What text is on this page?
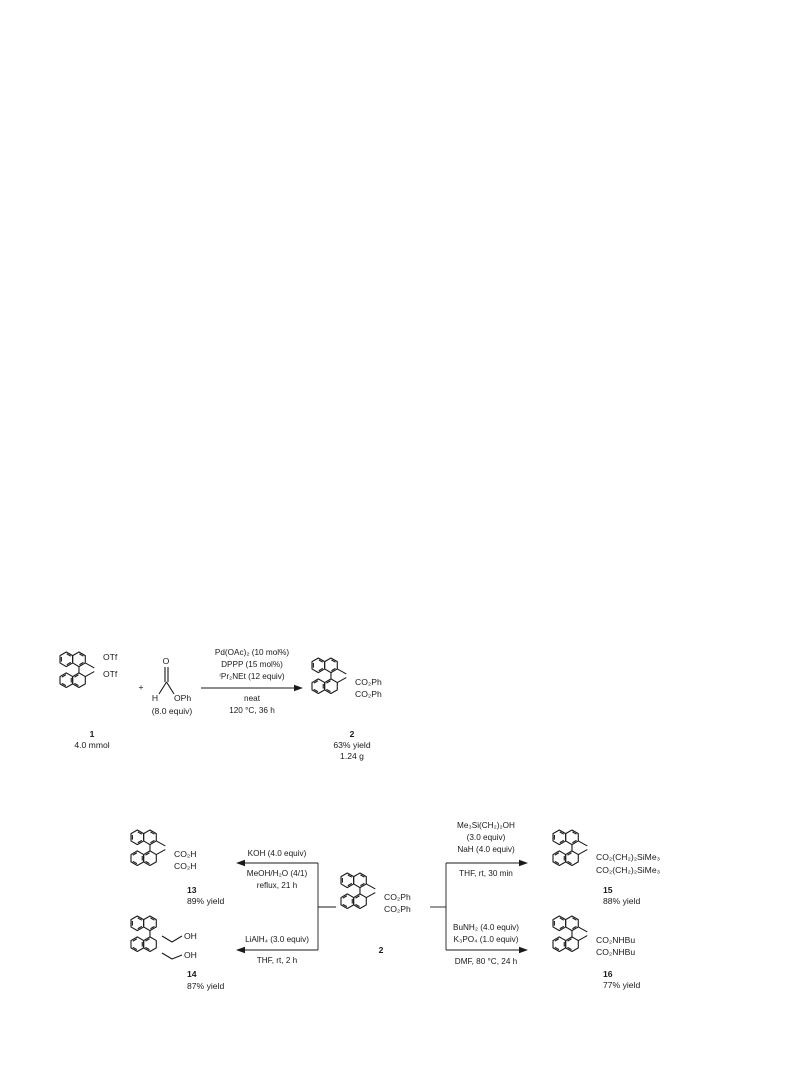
OTf
OTf
1
4.0 mmol
+
O
H OPh
(8.0 equiv)
Pd(OAc)₂ (10 mol%)
DPPP (15 mol%)
ⁱPr₂NEt (12 equiv)
neat
120 °C, 36 h
CO₂Ph
CO₂Ph
2
63% yield
1.24 g
CO₂Ph
CO₂Ph
2
KOH (4.0 equiv)
MeOH/H₂O (4/1)
reflux, 21 h
LiAlH₄ (3.0 equiv)
THF, rt, 2 h
Me₃Si(CH₂)₂OH
(3.0 equiv)
NaH (4.0 equiv)
THF, rt, 30 min
BuNH₂ (4.0 equiv)
K₃PO₄ (1.0 equiv)
DMF, 80 °C, 24 h
CO₂H
CO₂H
13
89% yield
OH
OH
14
87% yield
CO₂(CH₂)₂SiMe₃
CO₂(CH₂)₂SiMe₃
15
88% yield
CO₂NHBu
CO₂NHBu
16
77% yield
